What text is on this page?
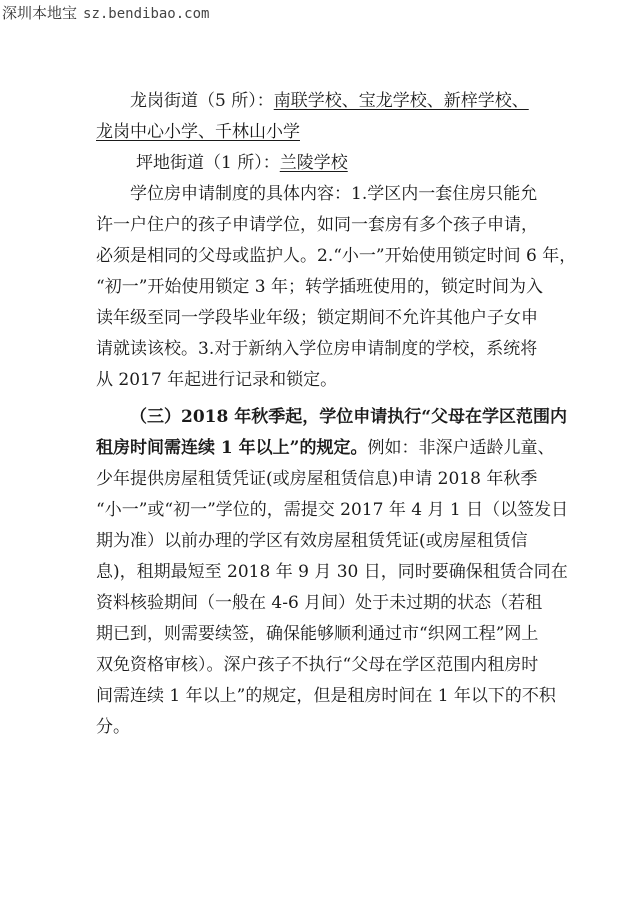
深圳本地宝 sz.bendibao.com
龙岗街道（5 所）：南联学校、宝龙学校、新梓学校、
龙岗中心小学、千林山小学
坪地街道（1 所）：兰陵学校
学位房申请制度的具体内容：1.学区内一套住房只能允
许一户住户的孩子申请学位，如同一套房有多个孩子申请，
必须是相同的父母或监护人。2.“小一”开始使用锁定时间 6 年，
“初一”开始使用锁定 3 年；转学插班使用的，锁定时间为入
读年级至同一学段毕业年级；锁定期间不允许其他户子女申
请就读该校。3.对于新纳入学位房申请制度的学校，系统将
从 2017 年起进行记录和锁定。
（三）2018 年秋季起，学位申请执行“父母在学区范围内
租房时间需连续 1 年以上”的规定。例如：非深户适龄儿童、
少年提供房屋租赁凭证(或房屋租赁信息)申请 2018 年秋季
“小一”或“初一”学位的，需提交 2017 年 4 月 1 日（以签发日
期为准）以前办理的学区有效房屋租赁凭证(或房屋租赁信
息)，租期最短至 2018 年 9 月 30 日，同时要确保租赁合同在
资料核验期间（一般在 4-6 月间）处于未过期的状态（若租
期已到，则需要续签，确保能够顺利通过市“织网工程”网上
双免资格审核）。深户孩子不执行“父母在学区范围内租房时
间需连续 1 年以上”的规定，但是租房时间在 1 年以下的不积
分。
